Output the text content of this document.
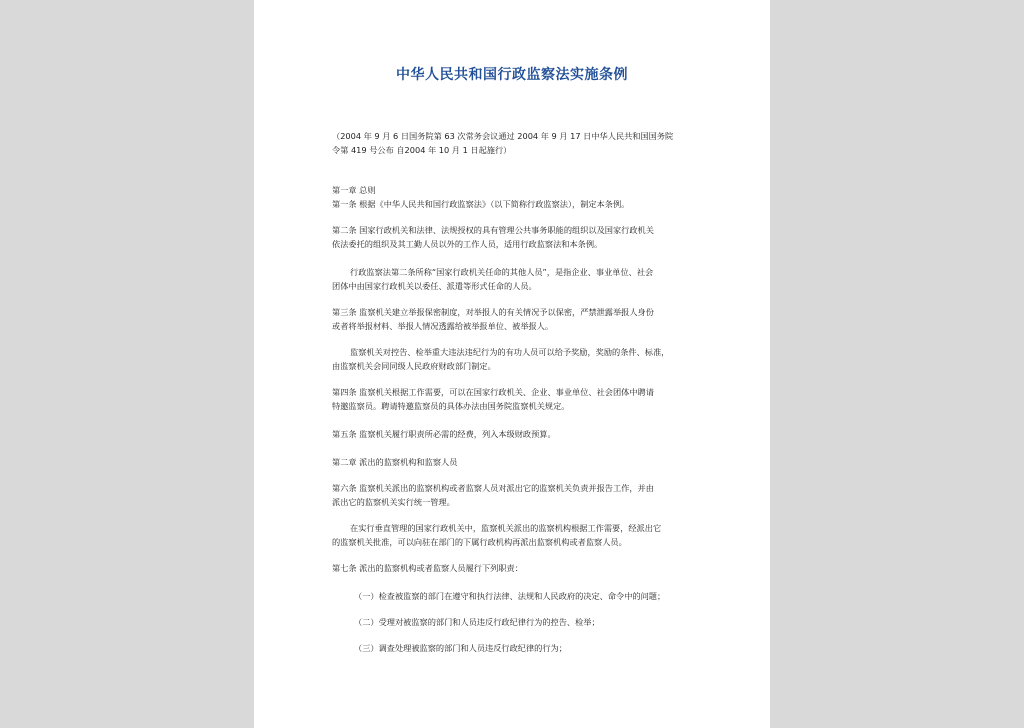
中华人民共和国行政监察法实施条例
（2004 年 9 月 6 日国务院第 63 次常务会议通过 2004 年 9 月 17 日中华人民共和国国务院
令第 419 号公布 自2004 年 10 月 1 日起施行）
第一章 总则
第一条 根据《中华人民共和国行政监察法》（以下简称行政监察法），制定本条例。
第二条 国家行政机关和法律、法规授权的具有管理公共事务职能的组织以及国家行政机关
依法委托的组织及其工勤人员以外的工作人员，适用行政监察法和本条例。
行政监察法第二条所称“国家行政机关任命的其他人员”，是指企业、事业单位、社会
团体中由国家行政机关以委任、派遣等形式任命的人员。
第三条 监察机关建立举报保密制度，对举报人的有关情况予以保密，严禁泄露举报人身份
或者将举报材料、举报人情况透露给被举报单位、被举报人。
监察机关对控告、检举重大违法违纪行为的有功人员可以给予奖励，奖励的条件、标准，
由监察机关会同同级人民政府财政部门制定。
第四条 监察机关根据工作需要，可以在国家行政机关、企业、事业单位、社会团体中聘请
特邀监察员。聘请特邀监察员的具体办法由国务院监察机关规定。
第五条 监察机关履行职责所必需的经费，列入本级财政预算。
第二章 派出的监察机构和监察人员
第六条 监察机关派出的监察机构或者监察人员对派出它的监察机关负责并报告工作，并由
派出它的监察机关实行统一管理。
在实行垂直管理的国家行政机关中，监察机关派出的监察机构根据工作需要，经派出它
的监察机关批准，可以向驻在部门的下属行政机构再派出监察机构或者监察人员。
第七条 派出的监察机构或者监察人员履行下列职责：
（一）检查被监察的部门在遵守和执行法律、法规和人民政府的决定、命令中的问题；
（二）受理对被监察的部门和人员违反行政纪律行为的控告、检举；
（三）调查处理被监察的部门和人员违反行政纪律的行为；
